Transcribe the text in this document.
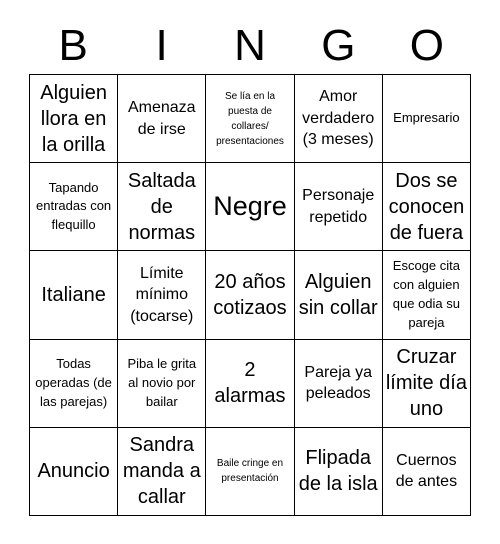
B	I	N	G	O
Alguien llora en la orilla
Amenaza de irse
Se lía en la puesta de collares/ presentaciones
Amor verdadero (3 meses)
Empresario
Tapando entradas con flequillo
Saltada de normas
Negre Personaje repetido
Dos se conocen de fuera
Italiane
Límite mínimo (tocarse)
20 años cotizaos
Alguien sin collar
Escoge cita con alguien que odia su pareja
Todas operadas (de las parejas)
Piba le grita al novio por bailar
2 alarmas
Pareja ya peleados
Cruzar límite día uno
Anuncio
Sandra manda a callar
Baile cringe en presentación
Flipada de la isla
Cuernos de antes
